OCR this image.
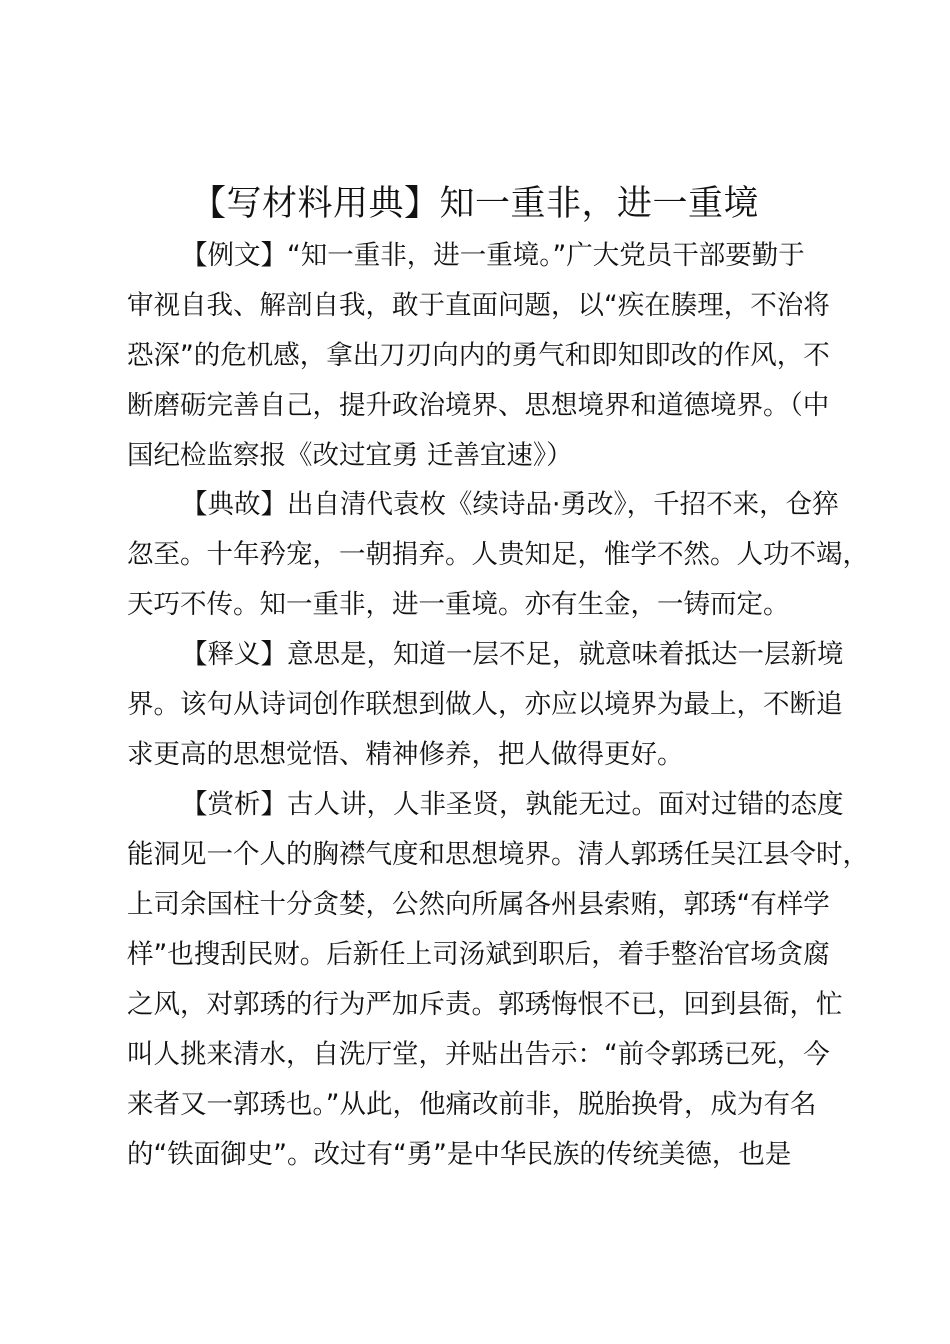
【写材料用典】知一重非，进一重境
【例文】“知一重非，进一重境。”广大党员干部要勤于
审视自我、解剖自我，敢于直面问题，以“疾在腠理，不治将
恐深”的危机感，拿出刀刃向内的勇气和即知即改的作风，不
断磨砺完善自己，提升政治境界、思想境界和道德境界。（中
国纪检监察报《改过宜勇 迁善宜速》）
【典故】出自清代袁枚《续诗品·勇改》，千招不来，仓猝
忽至。十年矜宠，一朝捐弃。人贵知足，惟学不然。人功不竭，
天巧不传。知一重非，进一重境。亦有生金，一铸而定。
【释义】意思是，知道一层不足，就意味着抵达一层新境
界。该句从诗词创作联想到做人，亦应以境界为最上，不断追
求更高的思想觉悟、精神修养，把人做得更好。
【赏析】古人讲，人非圣贤，孰能无过。面对过错的态度
能洞见一个人的胸襟气度和思想境界。清人郭琇任吴江县令时，
上司余国柱十分贪婪，公然向所属各州县索贿，郭琇“有样学
样”也搜刮民财。后新任上司汤斌到职后，着手整治官场贪腐
之风，对郭琇的行为严加斥责。郭琇悔恨不已，回到县衙，忙
叫人挑来清水，自洗厅堂，并贴出告示：“前令郭琇已死，今
来者又一郭琇也。”从此，他痛改前非，脱胎换骨，成为有名
的“铁面御史”。改过有“勇”是中华民族的传统美德，也是
